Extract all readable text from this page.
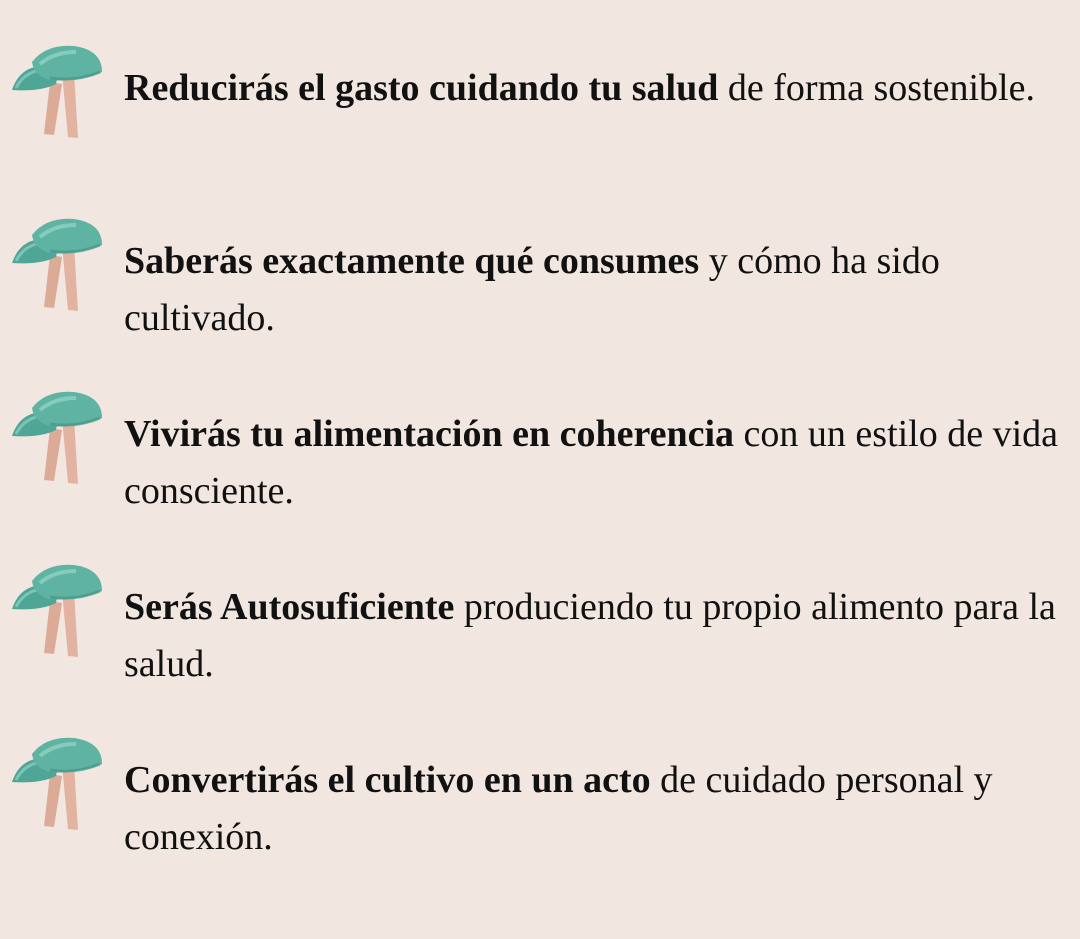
Reducirás el gasto cuidando tu salud de forma sostenible.
Saberás exactamente qué consumes y cómo ha sido cultivado.
Vivirás tu alimentación en coherencia con un estilo de vida consciente.
Serás Autosuficiente produciendo tu propio alimento para la salud.
Convertirás el cultivo en un acto de cuidado personal y conexión.
